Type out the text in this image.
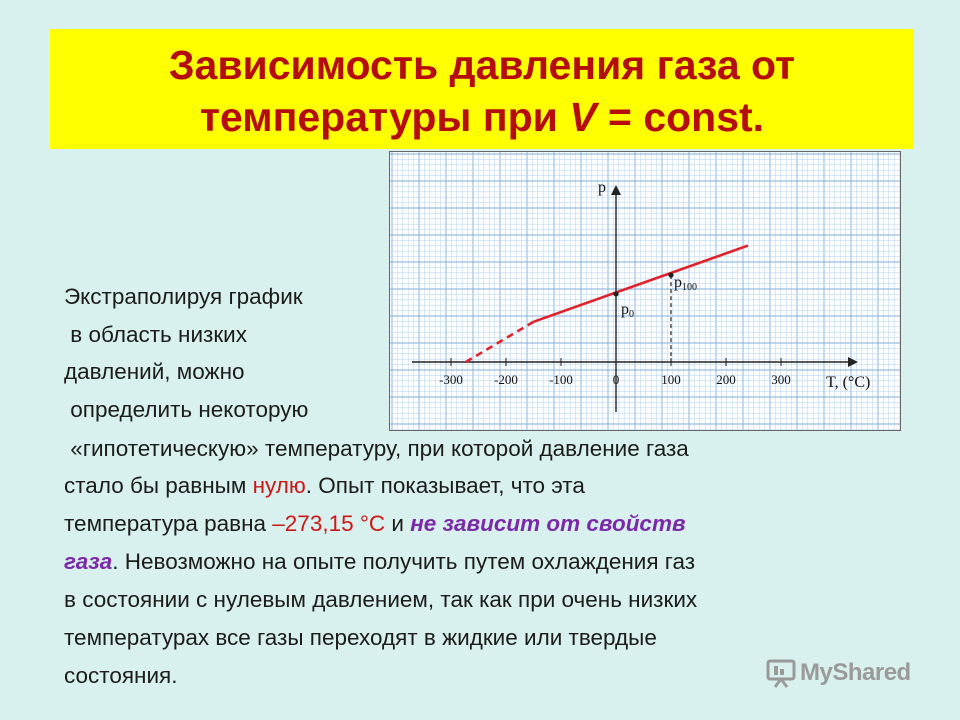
Зависимость давления газа от
температуры при V = const.
p
T, (°C)
-300 -200 -100	0	100	200	300
p0
p100
Экстраполируя график
в область низких
давлений, можно
определить некоторую
«гипотетическую» температуру, при которой давление газа
стало бы равным нулю. Опыт показывает, что эта
температура равна –273,15 °С и не зависит от свойств
газа. Невозможно на опыте получить путем охлаждения газ
в состоянии с нулевым давлением, так как при очень низких
температурах все газы переходят в жидкие или твердые
состояния.	MyShared
